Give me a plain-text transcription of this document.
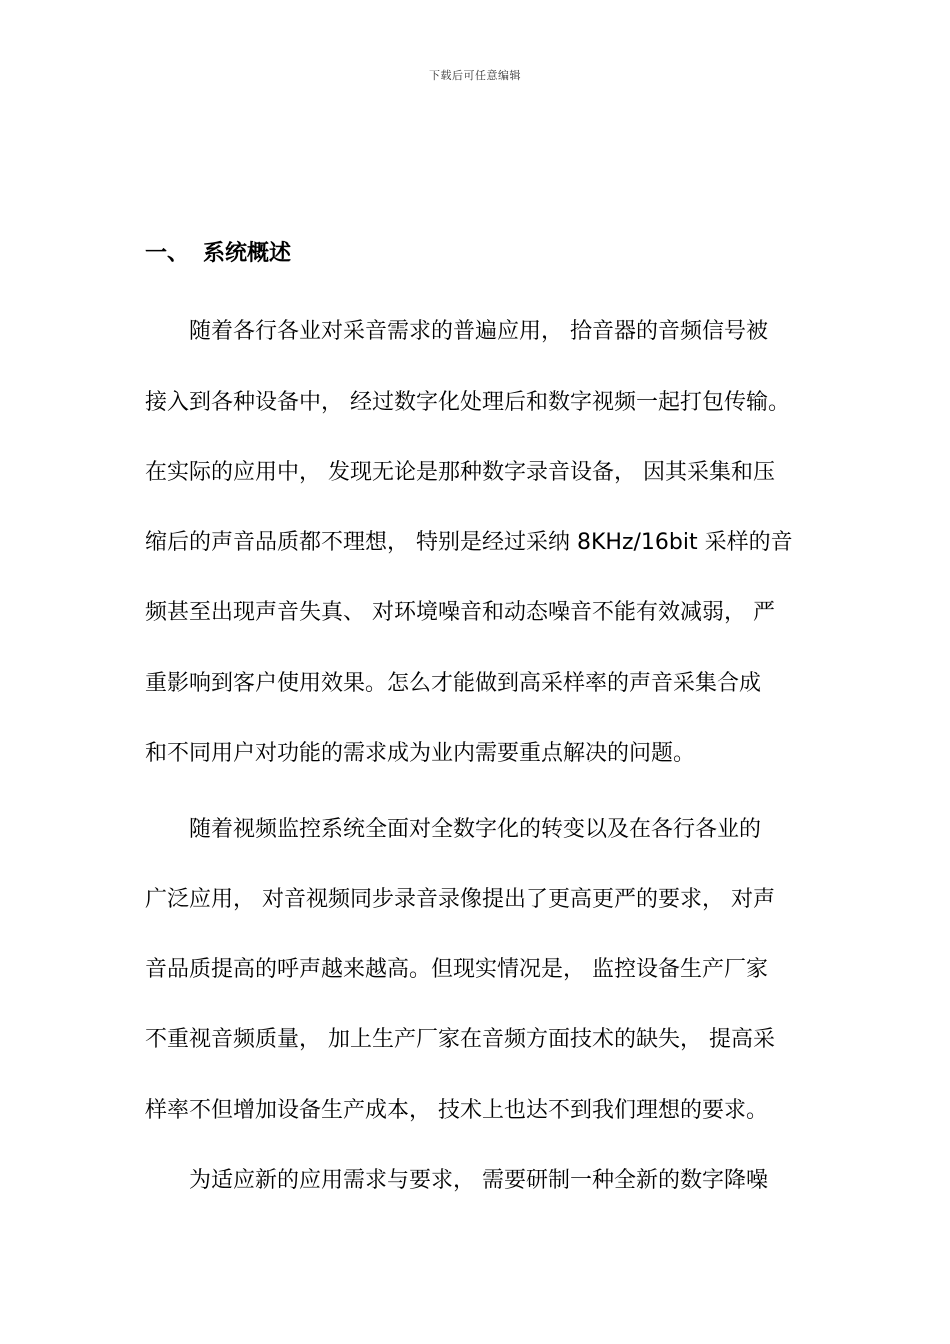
下载后可任意编辑
一、 系统概述
随着各行各业对采音需求的普遍应用， 拾音器的音频信号被
接入到各种设备中， 经过数字化处理后和数字视频一起打包传输。
在实际的应用中， 发现无论是那种数字录音设备， 因其采集和压
缩后的声音品质都不理想， 特别是经过采纳 8KHz/16bit 采样的音
频甚至出现声音失真、 对环境噪音和动态噪音不能有效减弱， 严
重影响到客户使用效果。怎么才能做到高采样率的声音采集合成
和不同用户对功能的需求成为业内需要重点解决的问题。
随着视频监控系统全面对全数字化的转变以及在各行各业的
广泛应用， 对音视频同步录音录像提出了更高更严的要求， 对声
音品质提高的呼声越来越高。但现实情况是， 监控设备生产厂家
不重视音频质量， 加上生产厂家在音频方面技术的缺失， 提高采
样率不但增加设备生产成本， 技术上也达不到我们理想的要求。
为适应新的应用需求与要求， 需要研制一种全新的数字降噪
